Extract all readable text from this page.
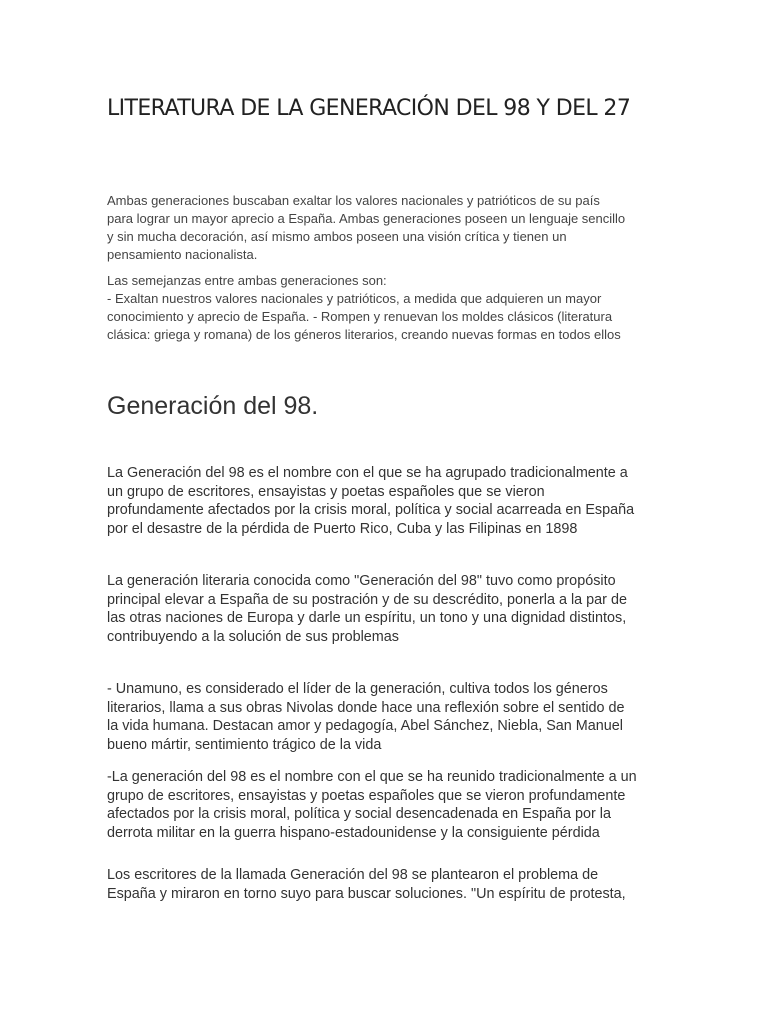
LITERATURA DE LA GENERACIÓN DEL 98 Y DEL 27

Ambas generaciones buscaban exaltar los valores nacionales y patrióticos de su país
para lograr un mayor aprecio a España. Ambas generaciones poseen un lenguaje sencillo
y sin mucha decoración, así mismo ambos poseen una visión crítica y tienen un
pensamiento nacionalista.

Las semejanzas entre ambas generaciones son:
- Exaltan nuestros valores nacionales y patrióticos, a medida que adquieren un mayor
conocimiento y aprecio de España. - Rompen y renuevan los moldes clásicos (literatura
clásica: griega y romana) de los géneros literarios, creando nuevas formas en todos ellos

Generación del 98.

La Generación del 98 es el nombre con el que se ha agrupado tradicionalmente a
un grupo de escritores, ensayistas y poetas españoles que se vieron
profundamente afectados por la crisis moral, política y social acarreada en España
por el desastre de la pérdida de Puerto Rico, Cuba y las Filipinas en 1898

La generación literaria conocida como "Generación del 98" tuvo como propósito
principal elevar a España de su postración y de su descrédito, ponerla a la par de
las otras naciones de Europa y darle un espíritu, un tono y una dignidad distintos,
contribuyendo a la solución de sus problemas

- Unamuno, es considerado el líder de la generación, cultiva todos los géneros
literarios, llama a sus obras Nivolas donde hace una reflexión sobre el sentido de
la vida humana. Destacan amor y pedagogía, Abel Sánchez, Niebla, San Manuel
bueno mártir, sentimiento trágico de la vida

-La generación del 98 es el nombre con el que se ha reunido tradicionalmente a un
grupo de escritores, ensayistas y poetas españoles que se vieron profundamente
afectados por la crisis moral, política y social desencadenada en España por la
derrota militar en la guerra hispano-estadounidense y la consiguiente pérdida

Los escritores de la llamada Generación del 98 se plantearon el problema de
España y miraron en torno suyo para buscar soluciones. "Un espíritu de protesta,
